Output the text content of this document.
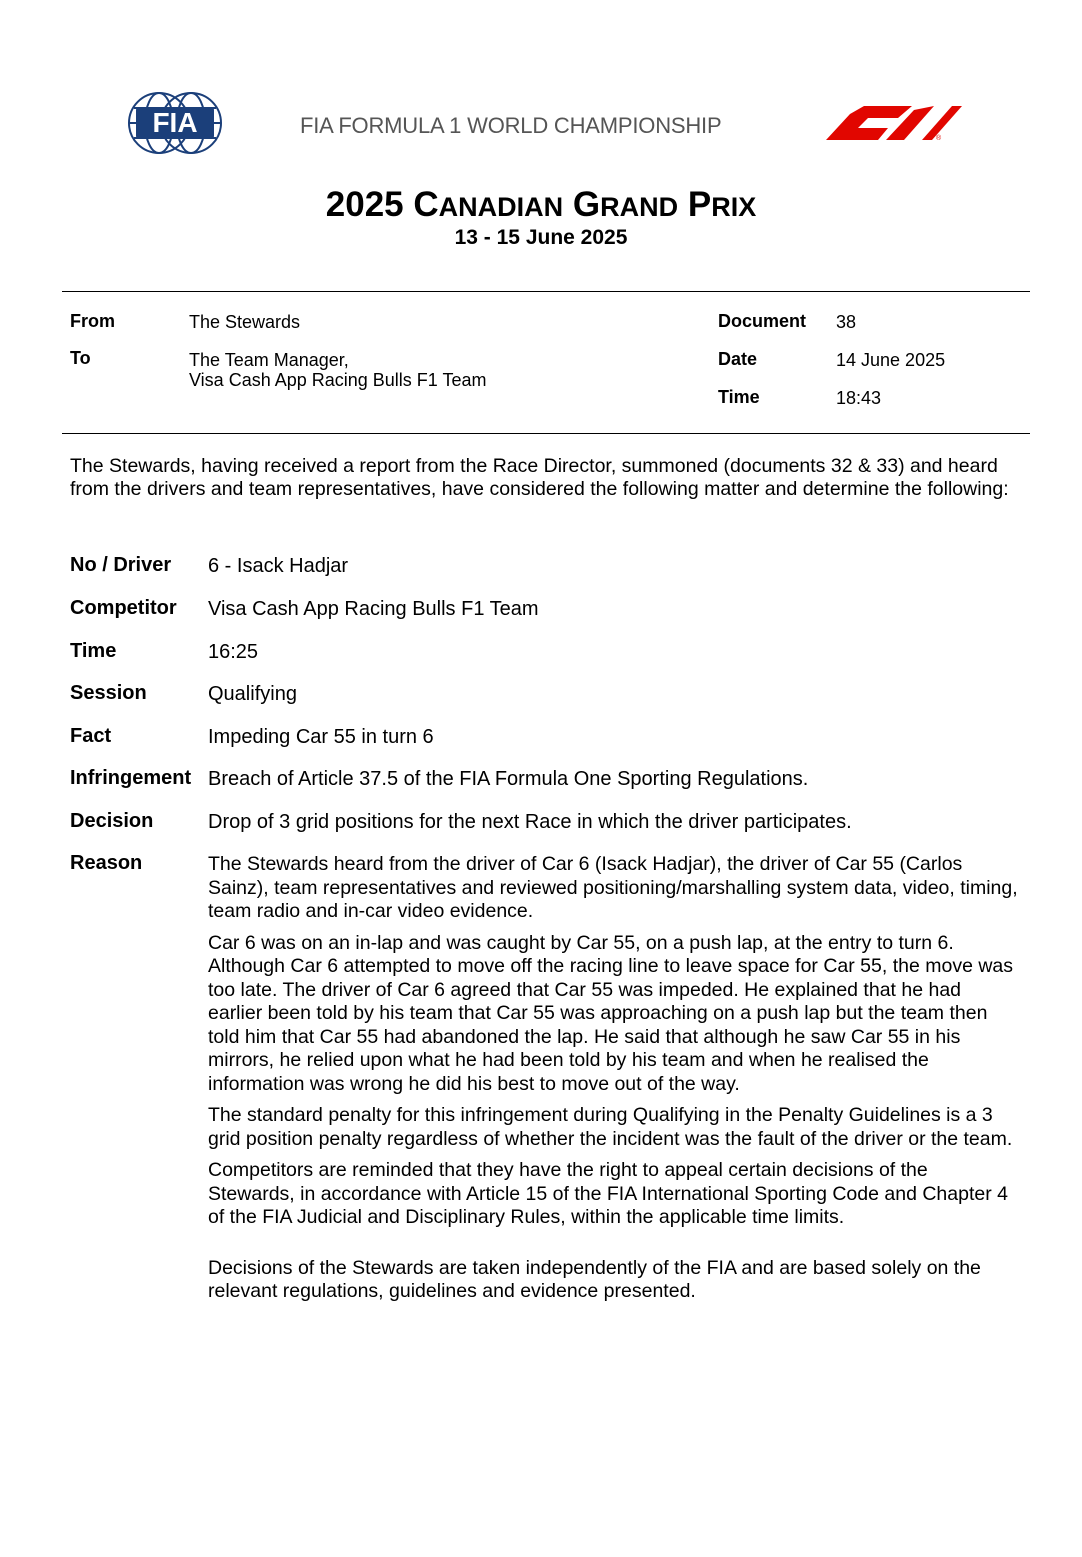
FIA	FIA FORMULA 1 WORLD CHAMPIONSHIP
®
2025 CANADIAN GRAND PRIX
13 - 15 June 2025
From	The Stewards
To	The Team Manager,
Visa Cash App Racing Bulls F1 Team
Document 38
Date	14 June 2025
Time	18:43
The Stewards, having received a report from the Race Director, summoned (documents 32 & 33) and heard from the drivers and team representatives, have considered the following matter and determine the following:
No / Driver 6 - Isack Hadjar
Competitor Visa Cash App Racing Bulls F1 Team
Time	16:25
Session	Qualifying
Fact	Impeding Car 55 in turn 6
Infringement Breach of Article 37.5 of the FIA Formula One Sporting Regulations.
Decision	Drop of 3 grid positions for the next Race in which the driver participates.
Reason	The Stewards heard from the driver of Car 6 (Isack Hadjar), the driver of Car 55 (Carlos Sainz), team representatives and reviewed positioning/marshalling system data, video, timing, team radio and in-car video evidence.

Car 6 was on an in-lap and was caught by Car 55, on a push lap, at the entry to turn 6. Although Car 6 attempted to move off the racing line to leave space for Car 55, the move was too late. The driver of Car 6 agreed that Car 55 was impeded. He explained that he had earlier been told by his team that Car 55 was approaching on a push lap but the team then told him that Car 55 had abandoned the lap. He said that although he saw Car 55 in his mirrors, he relied upon what he had been told by his team and when he realised the information was wrong he did his best to move out of the way.

The standard penalty for this infringement during Qualifying in the Penalty Guidelines is a 3 grid position penalty regardless of whether the incident was the fault of the driver or the team.

Competitors are reminded that they have the right to appeal certain decisions of the Stewards, in accordance with Article 15 of the FIA International Sporting Code and Chapter 4 of the FIA Judicial and Disciplinary Rules, within the applicable time limits.

Decisions of the Stewards are taken independently of the FIA and are based solely on the relevant regulations, guidelines and evidence presented.
